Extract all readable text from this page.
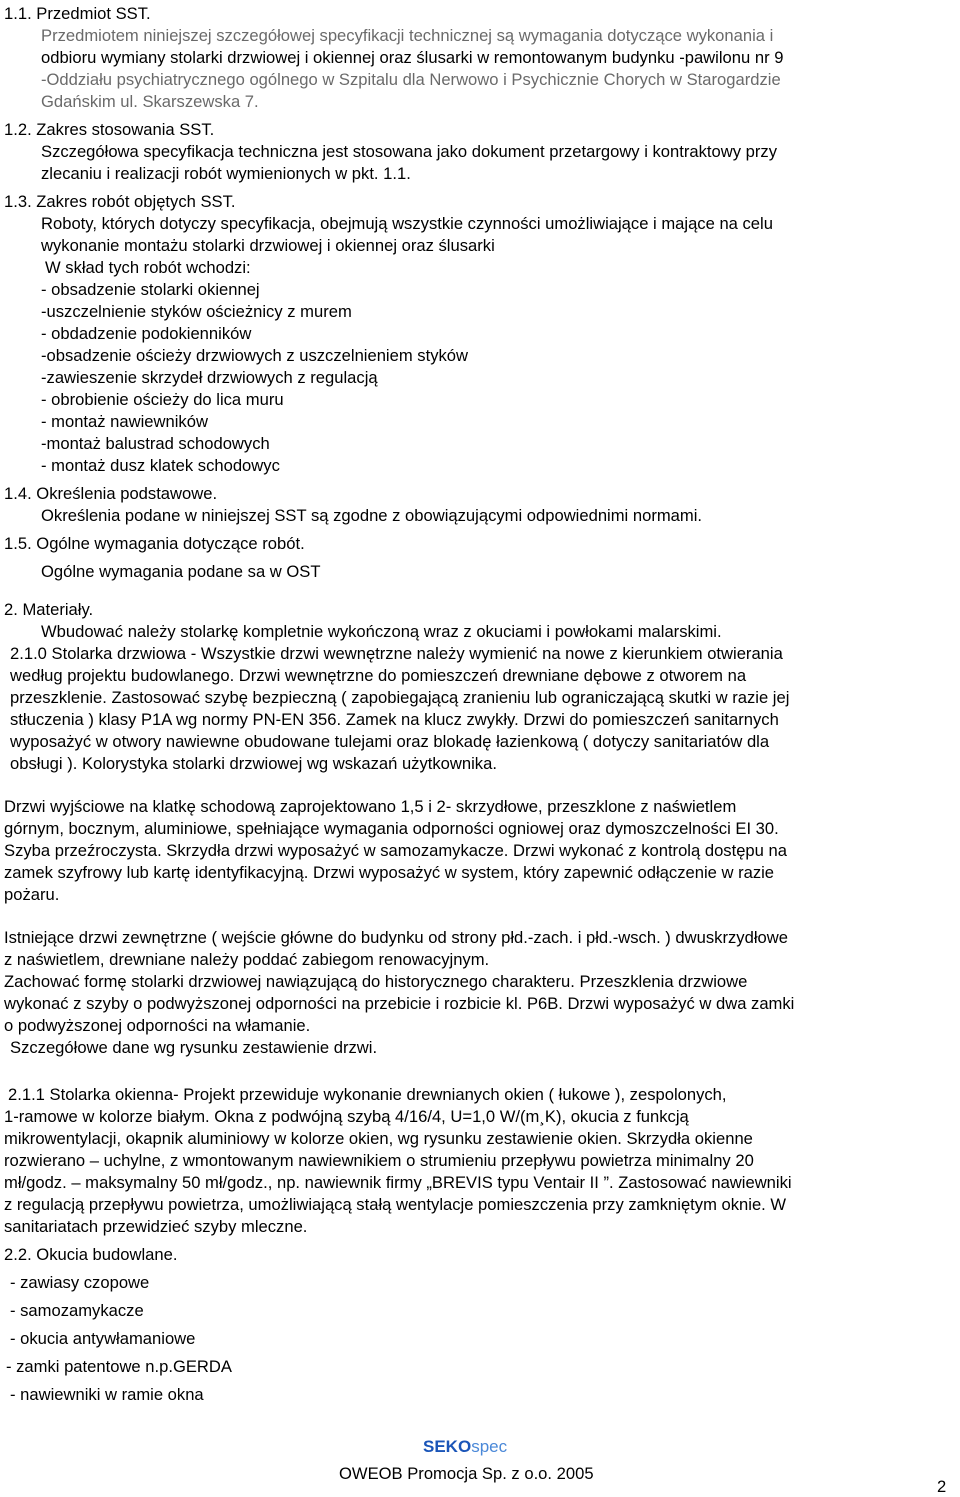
1.1. Przedmiot SST.
Przedmiotem niniejszej szczegółowej specyfikacji technicznej są wymagania dotyczące wykonania i
odbioru wymiany stolarki drzwiowej i okiennej oraz ślusarki w remontowanym budynku -pawilonu nr 9
-Oddziału psychiatrycznego ogólnego w Szpitalu dla Nerwowo i Psychicznie Chorych w Starogardzie
Gdańskim ul. Skarszewska 7.
1.2. Zakres stosowania SST.
Szczegółowa specyfikacja techniczna jest stosowana jako dokument przetargowy i kontraktowy przy
zlecaniu i realizacji robót wymienionych w pkt. 1.1.
1.3. Zakres robót objętych SST.
Roboty, których dotyczy specyfikacja, obejmują wszystkie czynności umożliwiające i mające na celu
wykonanie montażu stolarki drzwiowej i okiennej oraz ślusarki
W skład tych robót wchodzi:
- obsadzenie stolarki okiennej
-uszczelnienie styków ościeżnicy z murem
- obdadzenie podokienników
-obsadzenie ościeży drzwiowych z uszczelnieniem styków
-zawieszenie skrzydeł drzwiowych z regulacją
- obrobienie ościeży do lica muru
- montaż nawiewników
-montaż balustrad schodowych
- montaż dusz klatek schodowyc
1.4. Określenia podstawowe.
Określenia podane w niniejszej SST są zgodne z obowiązującymi odpowiednimi normami.
1.5. Ogólne wymagania dotyczące robót.
Ogólne wymagania podane sa w OST
2. Materiały.
Wbudować należy stolarkę kompletnie wykończoną wraz z okuciami i powłokami malarskimi.
2.1.0 Stolarka drzwiowa - Wszystkie drzwi wewnętrzne należy wymienić na nowe z kierunkiem otwierania
według projektu budowlanego. Drzwi wewnętrzne do pomieszczeń drewniane dębowe z otworem na
przeszklenie. Zastosować szybę bezpieczną ( zapobiegającą zranieniu lub ograniczającą skutki w razie jej
stłuczenia ) klasy P1A wg normy PN-EN 356. Zamek na klucz zwykły. Drzwi do pomieszczeń sanitarnych
wyposażyć w otwory nawiewne obudowane tulejami oraz blokadę łazienkową ( dotyczy sanitariatów dla
obsługi ). Kolorystyka stolarki drzwiowej wg wskazań użytkownika.
Drzwi wyjściowe na klatkę schodową zaprojektowano 1,5 i 2- skrzydłowe, przeszklone z naświetlem
górnym, bocznym, aluminiowe, spełniające wymagania odporności ogniowej oraz dymoszczelności EI 30.
Szyba przeźroczysta. Skrzydła drzwi wyposażyć w samozamykacze. Drzwi wykonać z kontrolą dostępu na
zamek szyfrowy lub kartę identyfikacyjną. Drzwi wyposażyć w system, który zapewnić odłączenie w razie
pożaru.
Istniejące drzwi zewnętrzne ( wejście główne do budynku od strony płd.-zach. i płd.-wsch. ) dwuskrzydłowe
z naświetlem, drewniane należy poddać zabiegom renowacyjnym.
Zachować formę stolarki drzwiowej nawiązującą do historycznego charakteru. Przeszklenia drzwiowe
wykonać z szyby o podwyższonej odporności na przebicie i rozbicie kl. P6B. Drzwi wyposażyć w dwa zamki
o podwyższonej odporności na włamanie.
Szczegółowe dane wg rysunku zestawienie drzwi.
2.1.1 Stolarka okienna- Projekt przewiduje wykonanie drewnianych okien ( łukowe ), zespolonych,
1-ramowe w kolorze białym. Okna z podwójną szybą 4/16/4, U=1,0 W/(m¸K), okucia z funkcją
mikrowentylacji, okapnik aluminiowy w kolorze okien, wg rysunku zestawienie okien. Skrzydła okienne
rozwierano – uchylne, z wmontowanym nawiewnikiem o strumieniu przepływu powietrza minimalny 20
mł/godz. – maksymalny 50 mł/godz., np. nawiewnik firmy „BREVIS typu Ventair II ”. Zastosować nawiewniki
z regulacją przepływu powietrza, umożliwiającą stałą wentylacje pomieszczenia przy zamkniętym oknie. W
sanitariatach przewidzieć szyby mleczne.
2.2. Okucia budowlane.
- zawiasy czopowe
- samozamykacze
- okucia antywłamaniowe
- zamki patentowe n.p.GERDA
- nawiewniki w ramie okna
SEKOspec
OWEOB Promocja Sp. z o.o. 2005
2
